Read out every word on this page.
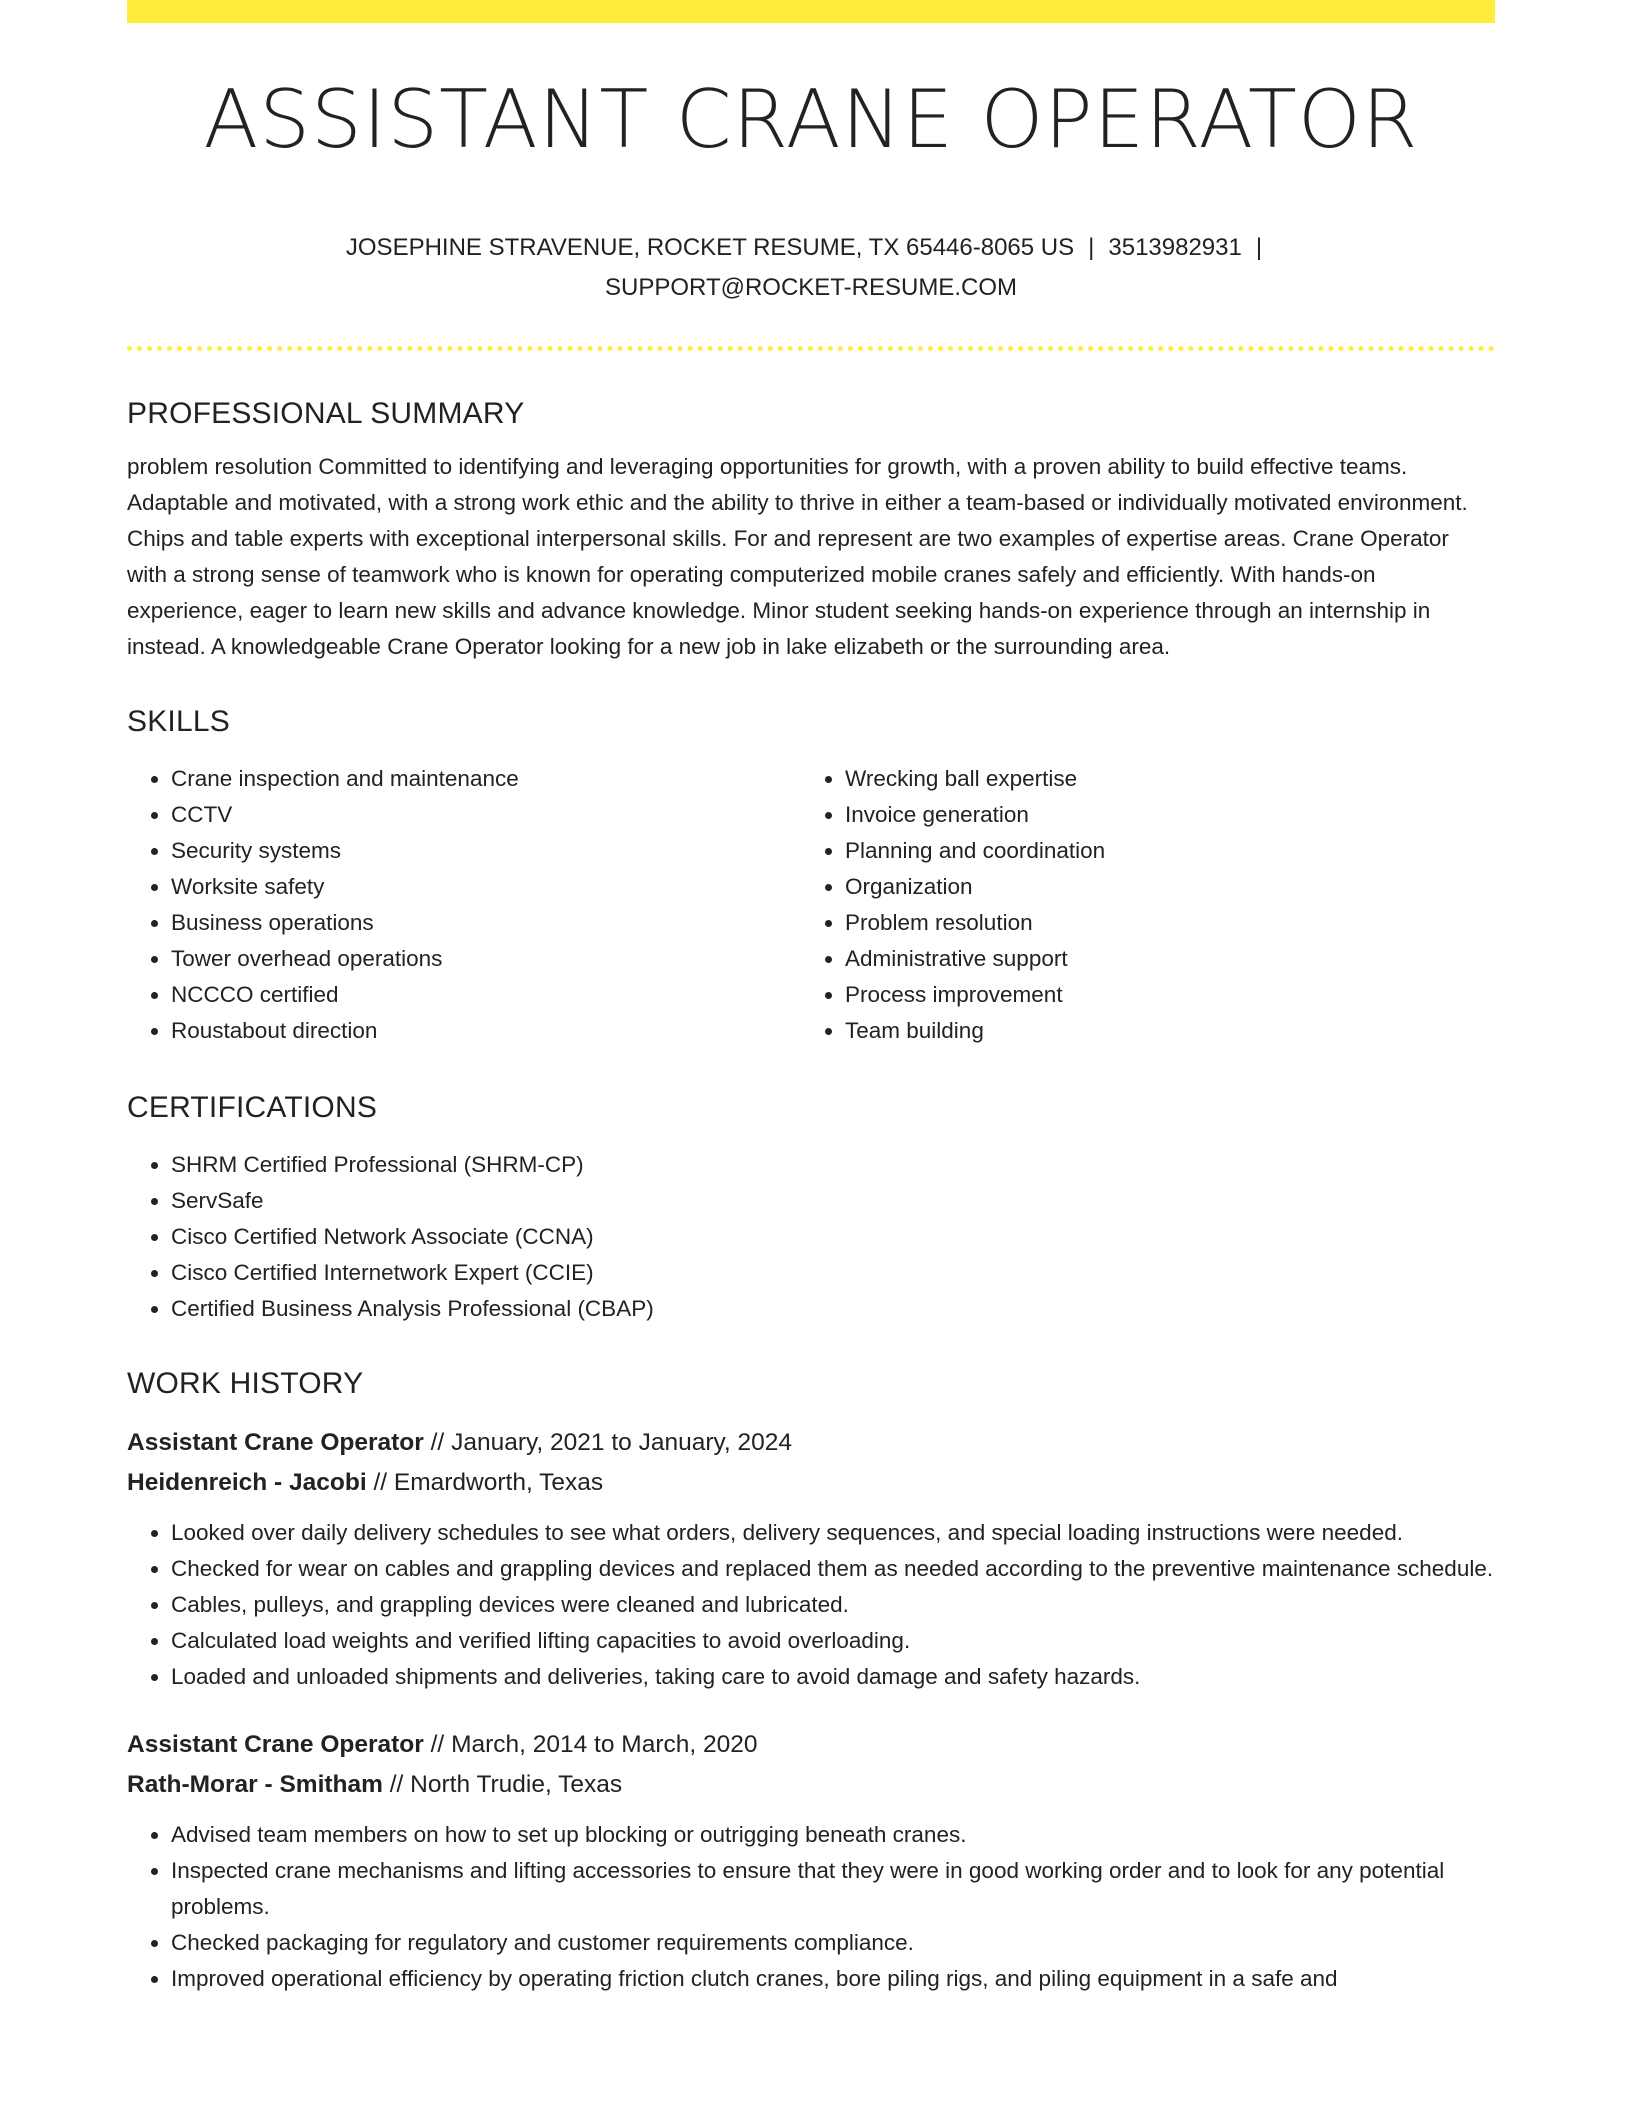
ASSISTANT CRANE OPERATOR
JOSEPHINE STRAVENUE, ROCKET RESUME, TX 65446-8065 US | 3513982931 |
SUPPORT@ROCKET-RESUME.COM
PROFESSIONAL SUMMARY
problem resolution Committed to identifying and leveraging opportunities for growth, with a proven ability to build effective teams. Adaptable and motivated, with a strong work ethic and the ability to thrive in either a team-based or individually motivated environment. Chips and table experts with exceptional interpersonal skills. For and represent are two examples of expertise areas. Crane Operator with a strong sense of teamwork who is known for operating computerized mobile cranes safely and efficiently. With hands-on experience, eager to learn new skills and advance knowledge. Minor student seeking hands-on experience through an internship in instead. A knowledgeable Crane Operator looking for a new job in lake elizabeth or the surrounding area.
SKILLS
• Crane inspection and maintenance
• CCTV
• Security systems
• Worksite safety
• Business operations
• Tower overhead operations
• NCCCO certified
• Roustabout direction
• Wrecking ball expertise
• Invoice generation
• Planning and coordination
• Organization
• Problem resolution
• Administrative support
• Process improvement
• Team building
CERTIFICATIONS
• SHRM Certified Professional (SHRM-CP)
• ServSafe
• Cisco Certified Network Associate (CCNA)
• Cisco Certified Internetwork Expert (CCIE)
• Certified Business Analysis Professional (CBAP)
WORK HISTORY
Assistant Crane Operator // January, 2021 to January, 2024
Heidenreich - Jacobi // Emardworth, Texas
• Looked over daily delivery schedules to see what orders, delivery sequences, and special loading instructions were needed.
• Checked for wear on cables and grappling devices and replaced them as needed according to the preventive maintenance schedule.
• Cables, pulleys, and grappling devices were cleaned and lubricated.
• Calculated load weights and verified lifting capacities to avoid overloading.
• Loaded and unloaded shipments and deliveries, taking care to avoid damage and safety hazards.
Assistant Crane Operator // March, 2014 to March, 2020
Rath-Morar - Smitham // North Trudie, Texas
• Advised team members on how to set up blocking or outrigging beneath cranes.
• Inspected crane mechanisms and lifting accessories to ensure that they were in good working order and to look for any potential problems.
• Checked packaging for regulatory and customer requirements compliance.
• Improved operational efficiency by operating friction clutch cranes, bore piling rigs, and piling equipment in a safe and
